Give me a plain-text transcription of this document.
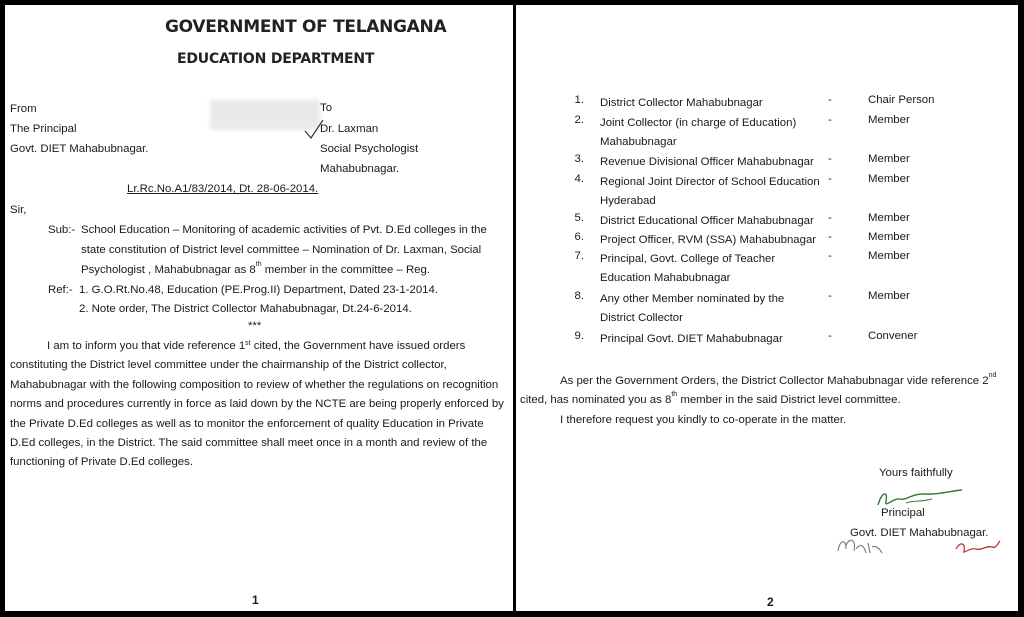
GOVERNMENT OF TELANGANA
EDUCATION DEPARTMENT
From
The Principal
Govt. DIET Mahabubnagar.
To
Dr. Laxman
Social Psychologist
Mahabubnagar.
Lr.Rc.No.A1/83/2014, Dt. 28-06-2014.
Sir,
Sub:- School Education – Monitoring of academic activities of Pvt. D.Ed colleges in the
state constitution of District level committee – Nomination of Dr. Laxman, Social
Psychologist , Mahabubnagar as 8th member in the committee – Reg.
Ref:- 1. G.O.Rt.No.48, Education (PE.Prog.II) Department, Dated 23-1-2014.
2. Note order, The District Collector Mahabubnagar, Dt.24-6-2014.
***
I am to inform you that vide reference 1st cited, the Government have issued orders constituting the District level committee under the chairmanship of the District collector, Mahabubnagar with the following composition to review of whether the regulations on recognition norms and procedures currently in force as laid down by the NCTE are being properly enforced by the Private D.Ed colleges as well as to monitor the enforcement of quality Education in Private D.Ed colleges, in the District. The said committee shall meet once in a month and review of the functioning of Private D.Ed colleges.
1
1. District Collector Mahabubnagar	-	Chair Person
2. Joint Collector (in charge of Education) Mahabubnagar
-	Member
3. Revenue Divisional Officer Mahabubnagar	-	Member
4. Regional Joint Director of School Education Hyderabad
-	Member
5. District Educational Officer Mahabubnagar	-	Member
6. Project Officer, RVM (SSA) Mahabubnagar	-	Member
7. Principal, Govt. College of Teacher Education Mahabubnagar
-	Member
8. Any other Member nominated by the District Collector
-	Member
9. Principal Govt. DIET Mahabubnagar	-	Convener
As per the Government Orders, the District Collector Mahabubnagar vide reference 2nd
cited, has nominated you as 8th member in the said District level committee.
I therefore request you kindly to co-operate in the matter.
Yours faithfully
Principal
Govt. DIET Mahabubnagar.
2
